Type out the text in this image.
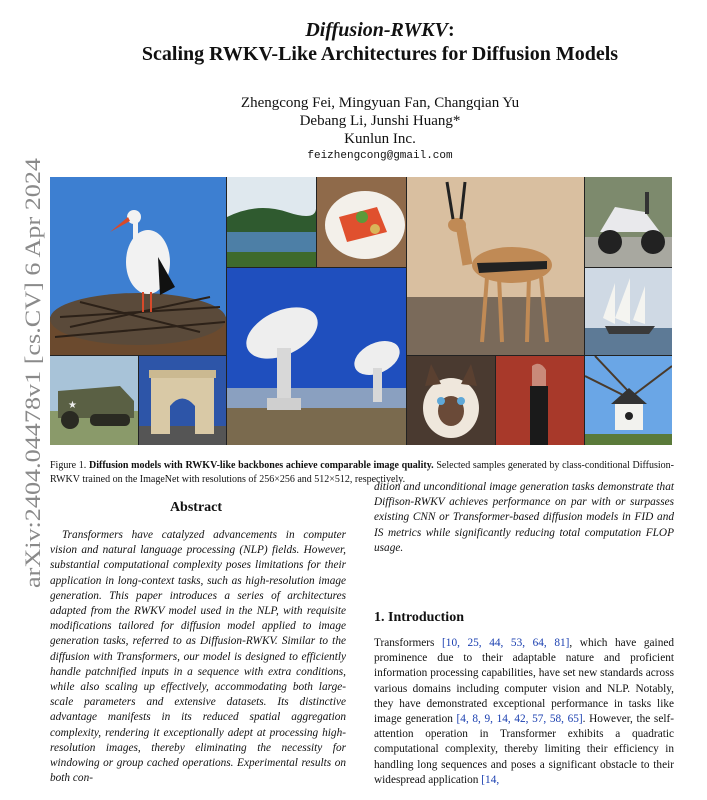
arXiv:2404.04478v1 [cs.CV] 6 Apr 2024
Diffusion-RWKV:
Scaling RWKV-Like Architectures for Diffusion Models
Zhengcong Fei, Mingyuan Fan, Changqian Yu
Debang Li, Junshi Huang*
Kunlun Inc.
feizhengcong@gmail.com
★
Figure 1. Diffusion models with RWKV-like backbones achieve comparable image quality. Selected samples generated by class-conditional Diffusion-RWKV trained on the ImageNet with resolutions of 256×256 and 512×512, respectively.
Abstract
Transformers have catalyzed advancements in computer vision and natural language processing (NLP) fields. However, substantial computational complexity poses limitations for their application in long-context tasks, such as high-resolution image generation. This paper introduces a series of architectures adapted from the RWKV model used in the NLP, with requisite modifications tailored for diffusion model applied to image generation tasks, referred to as Diffusion-RWKV. Similar to the diffusion with Transformers, our model is designed to efficiently handle patchnified inputs in a sequence with extra conditions, while also scaling up effectively, accommodating both large-scale parameters and extensive datasets. Its distinctive advantage manifests in its reduced spatial aggregation complexity, rendering it exceptionally adept at processing high-resolution images, thereby eliminating the necessity for windowing or group cached operations. Experimental results on both con-
dition and unconditional image generation tasks demonstrate that Diffison-RWKV achieves performance on par with or surpasses existing CNN or Transformer-based diffusion models in FID and IS metrics while significantly reducing total computation FLOP usage.
1. Introduction
Transformers [10, 25, 44, 53, 64, 81], which have gained prominence due to their adaptable nature and proficient information processing capabilities, have set new standards across various domains including computer vision and NLP. Notably, they have demonstrated exceptional performance in tasks like image generation [4, 8, 9, 14, 42, 57, 58, 65]. However, the self-attention operation in Transformer exhibits a quadratic computational complexity, thereby limiting their efficiency in handling long sequences and poses a significant obstacle to their widespread application [14,
